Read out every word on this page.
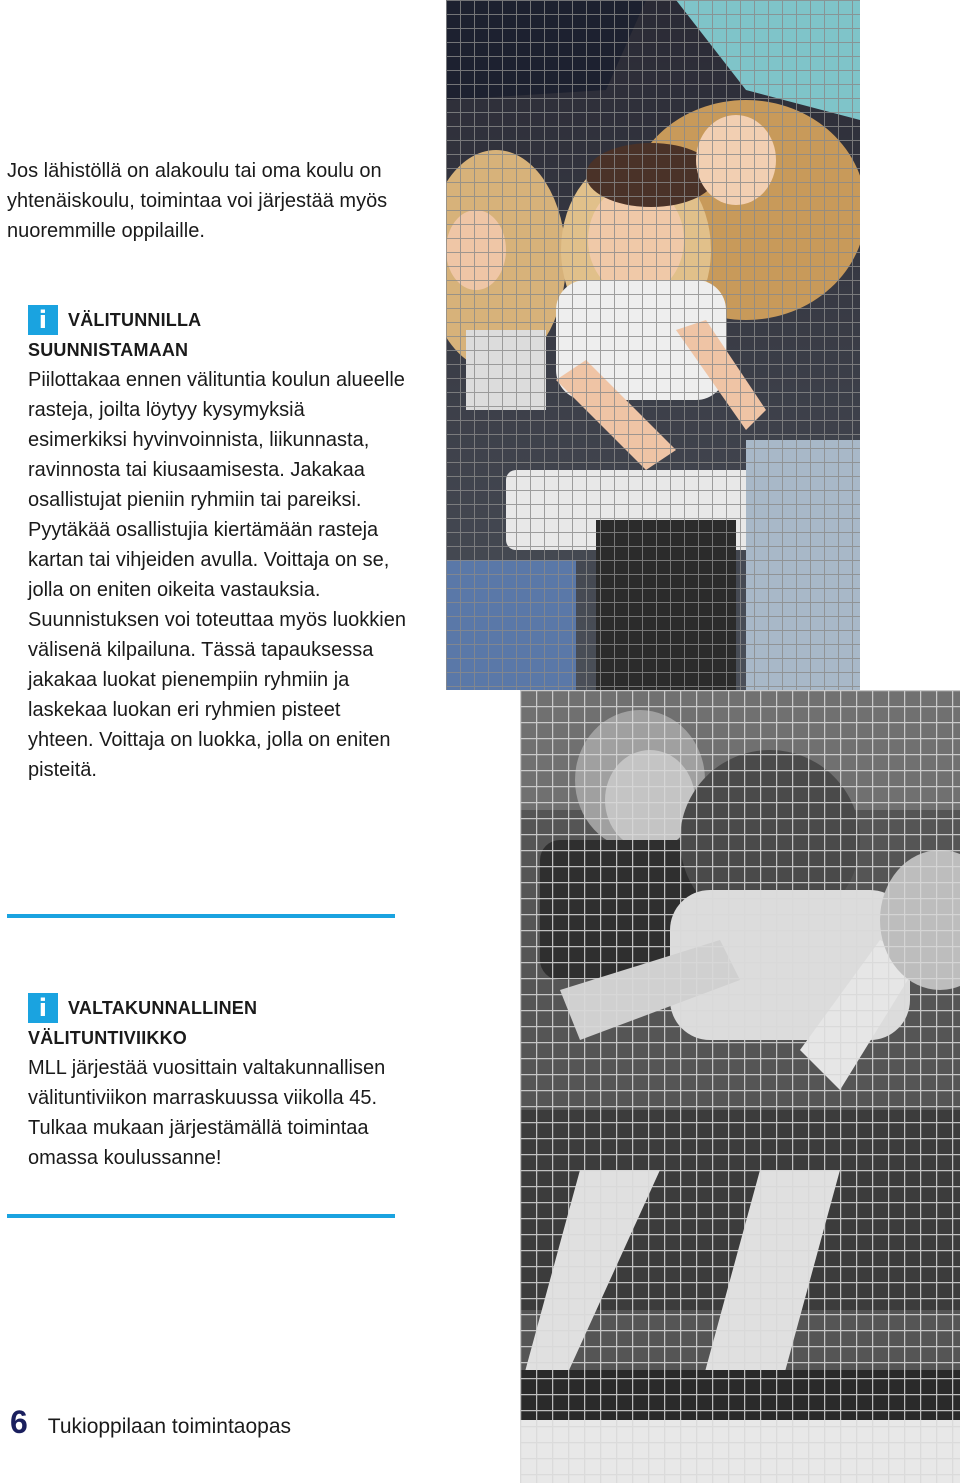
Jos lähistöllä on alakoulu tai oma koulu on yhtenäiskoulu, toimintaa voi järjestää myös nuoremmille oppilaille.

i VÄLITUNNILLA
SUUNNISTAMAAN

Piilottakaa ennen välituntia koulun alueelle rasteja, joilta löytyy kysymyksiä esimerkiksi hyvinvoinnista, liikunnasta, ravinnosta tai kiusaamisesta. Jakakaa osallistujat pieniin ryhmiin tai pareiksi. Pyytäkää osallistujia kiertämään rasteja kartan tai vihjeiden avulla. Voittaja on se, jolla on eniten oikeita vastauksia. Suunnistuksen voi toteuttaa myös luokkien välisenä kilpailuna. Tässä tapauksessa jakakaa luokat pienempiin ryhmiin ja laskekaa luokan eri ryhmien pisteet yhteen. Voittaja on luokka, jolla on eniten pisteitä.

i VALTAKUNNALLINEN
VÄLITUNTIVIIKKO

MLL järjestää vuosittain valtakunnallisen välituntiviikon marraskuussa viikolla 45. Tulkaa mukaan järjestämällä toimintaa omassa koulussanne!

6 Tukioppilaan toimintaopas
